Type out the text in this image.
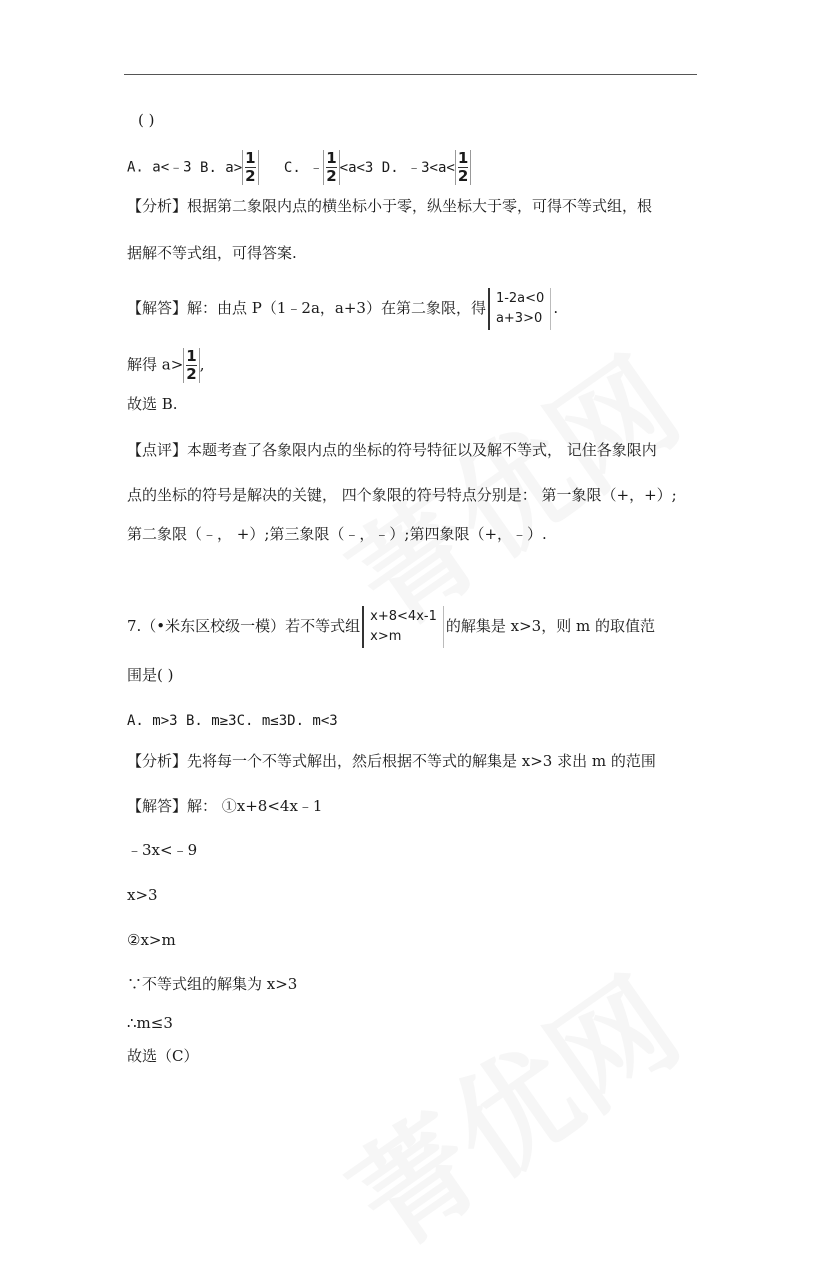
( )
A. a<﹣3 B. $a> \frac{1}{2} C$. ﹣ $\frac{1}{2} <a<3$ D. ﹣3<a< $\frac{1}{2}$
【分析】根据第二象限内点的横坐标小于零，纵坐标大于零，可得不等式组，根
据解不等式组，可得答案.
【解答】解：由点 P（1﹣2a，a+3）在第二象限，得
1-2a<0
a+3>0
.
解得 $a> \frac{1}{2}$ ,
故选 B.
【点评】本题考查了各象限内点的坐标的符号特征以及解不等式， 记住各象限内
点的坐标的符号是解决的关键， 四个象限的符号特点分别是： 第一象限（+，+）;
第二象限（﹣， +）;第三象限（﹣，﹣）;第四象限（+，﹣）.
7.（•米东区校级一模）若不等式组
x+8<4x-1
x>m
的解集是 x>3，则 m 的取值范
围是( )
A. m>3 B. m≥3C. m≤3D. m<3
【分析】先将每一个不等式解出，然后根据不等式的解集是 x>3 求出 m 的范围
【解答】解： ①x+8<4x﹣1
﹣3x<﹣9
x>3
②x>m
∵不等式组的解集为 x>3
∴m≤3
故选（C）
